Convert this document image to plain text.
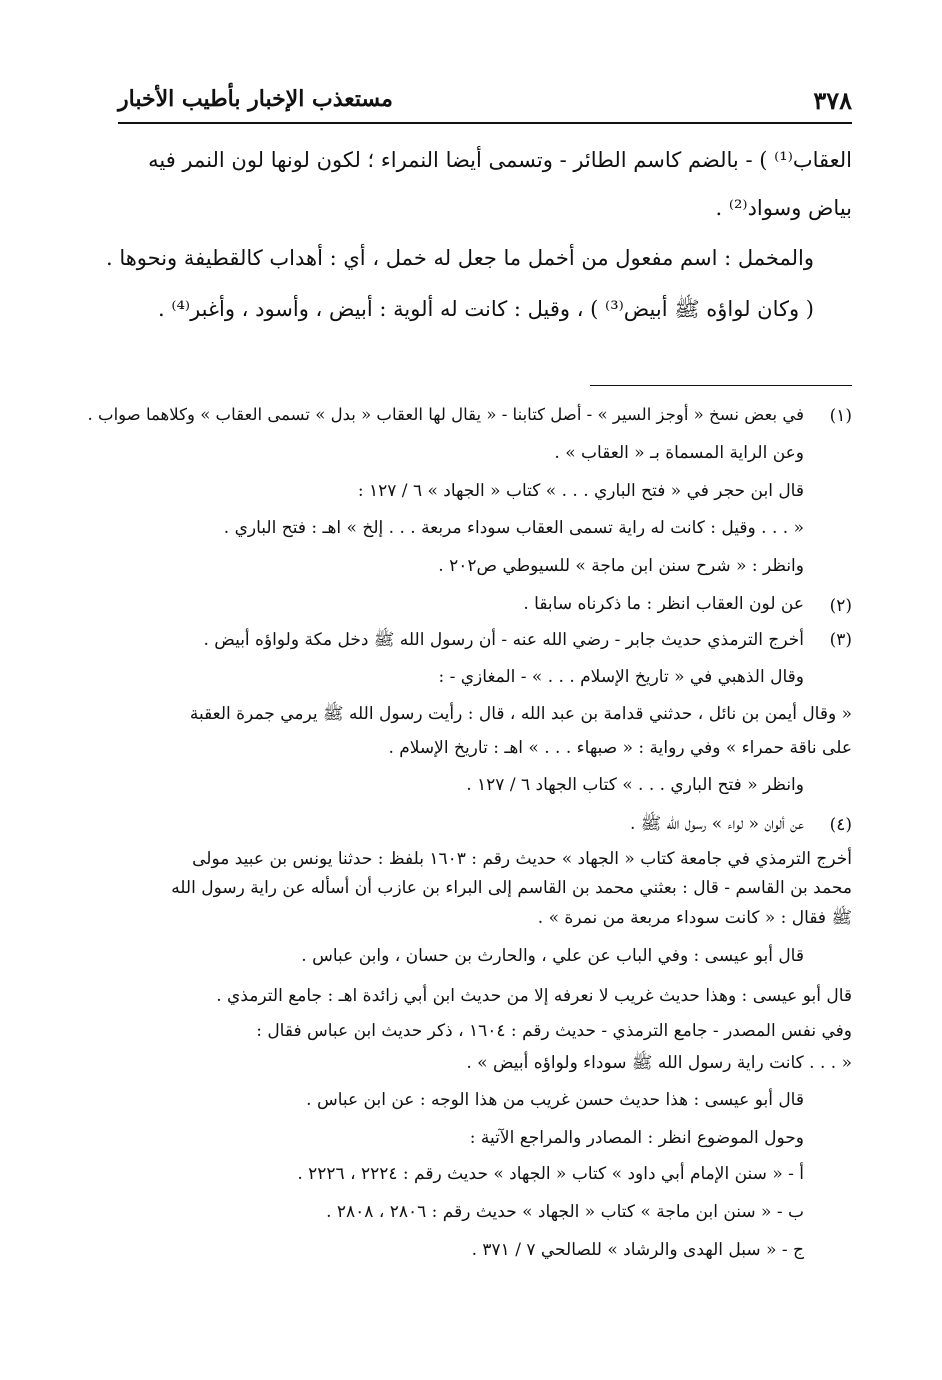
٣٧٨
مستعذب الإخبار بأطيب الأخبار
العقاب⁽¹⁾ ) - بالضم كاسم الطائر - وتسمى أيضا النمراء ؛ لكون لونها لون النمر فيه
بياض وسواد⁽²⁾ .
والمخمل : اسم مفعول من أخمل ما جعل له خمل ، أي : أهداب كالقطيفة ونحوها .
( وكان لواؤه ﷺ أبيض⁽³⁾ ) ، وقيل : كانت له ألوية : أبيض ، وأسود ، وأغبر⁽⁴⁾ .
(١)
(٢)
(٣)
(٤)
في بعض نسخ « أوجز السير » - أصل كتابنا - « يقال لها العقاب « بدل » تسمى العقاب » وكلاهما صواب .
وعن الراية المسماة بـ « العقاب » .
قال ابن حجر في « فتح الباري . . . » كتاب « الجهاد » ٦ / ١٢٧ :
« . . . وقيل : كانت له راية تسمى العقاب سوداء مربعة . . . إلخ » اهـ : فتح الباري .
وانظر : « شرح سنن ابن ماجة » للسيوطي ص٢٠٢ .
عن لون العقاب انظر : ما ذكرناه سابقا .
أخرج الترمذي حديث جابر - رضي الله عنه - أن رسول الله ﷺ دخل مكة ولواؤه أبيض .
وقال الذهبي في « تاريخ الإسلام . . . » - المغازي - :
« وقال أيمن بن نائل ، حدثني قدامة بن عبد الله ، قال : رأيت رسول الله ﷺ يرمي جمرة العقبة
على ناقة حمراء » وفي رواية : « صبهاء . . . » اهـ : تاريخ الإسلام .
وانظر « فتح الباري . . . » كتاب الجهاد ٦ / ١٢٧ .
عن ألوان « لواء » رسول الله ﷺ .
أخرج الترمذي في جامعة كتاب « الجهاد » حديث رقم : ١٦٠٣ بلفظ : حدثنا يونس بن عبيد مولى
محمد بن القاسم - قال : بعثني محمد بن القاسم إلى البراء بن عازب أن أسأله عن راية رسول الله
ﷺ فقال : « كانت سوداء مربعة من نمرة » .
قال أبو عيسى : وفي الباب عن علي ، والحارث بن حسان ، وابن عباس .
قال أبو عيسى : وهذا حديث غريب لا نعرفه إلا من حديث ابن أبي زائدة اهـ : جامع الترمذي .
وفي نفس المصدر - جامع الترمذي - حديث رقم : ١٦٠٤ ، ذكر حديث ابن عباس فقال :
« . . . كانت راية رسول الله ﷺ سوداء ولواؤه أبيض » .
قال أبو عيسى : هذا حديث حسن غريب من هذا الوجه : عن ابن عباس .
وحول الموضوع انظر : المصادر والمراجع الآتية :
أ - « سنن الإمام أبي داود » كتاب « الجهاد » حديث رقم : ٢٢٢٤ ، ٢٢٢٦ .
ب - « سنن ابن ماجة » كتاب « الجهاد » حديث رقم : ٢٨٠٦ ، ٢٨٠٨ .
ج - « سبل الهدى والرشاد » للصالحي ٧ / ٣٧١ .
